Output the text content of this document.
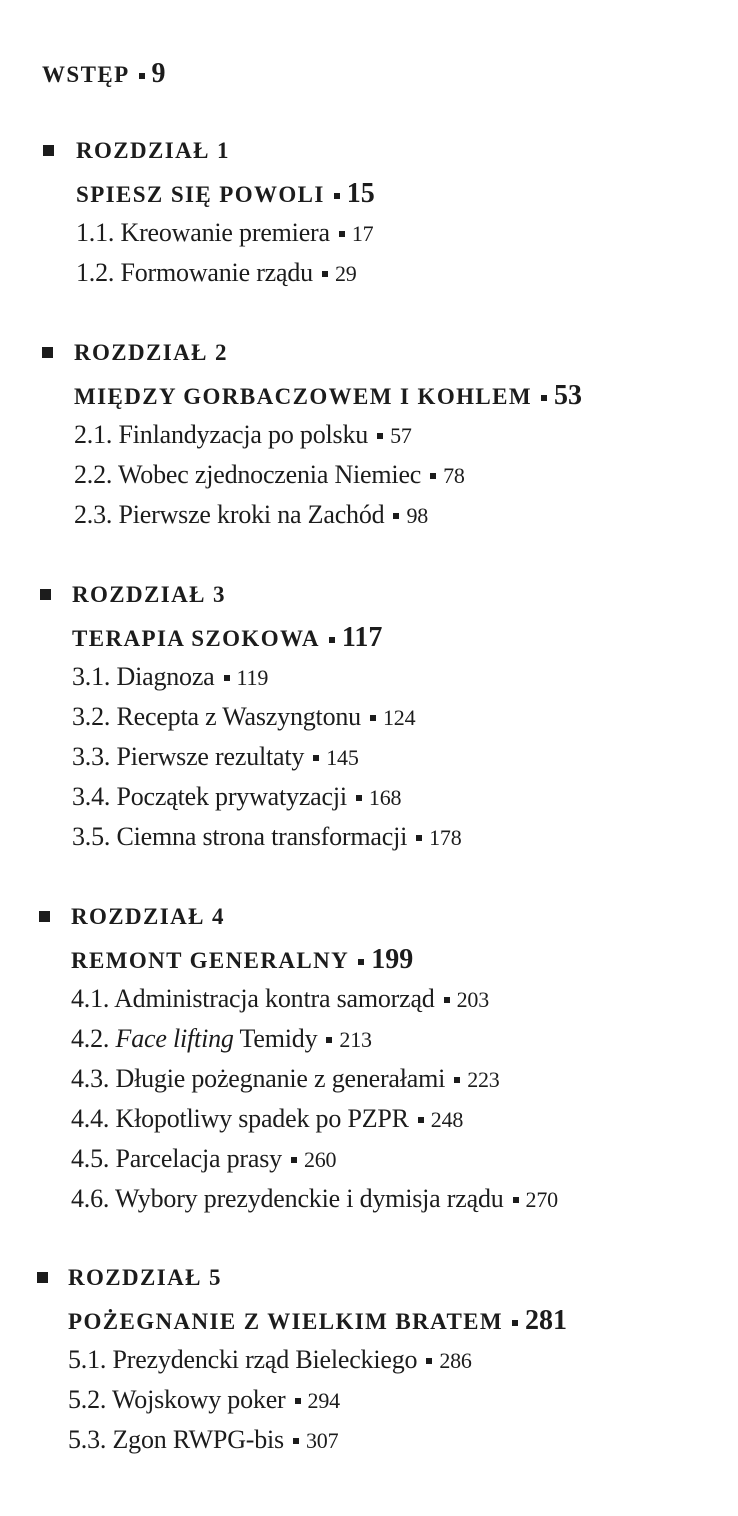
WSTĘP 9
ROZDZIAŁ 1
SPIESZ SIĘ POWOLI 15
1.1. Kreowanie premiera 17
1.2. Formowanie rządu 29
ROZDZIAŁ 2
MIĘDZY GORBACZOWEM I KOHLEM 53
2.1. Finlandyzacja po polsku 57
2.2. Wobec zjednoczenia Niemiec 78
2.3. Pierwsze kroki na Zachód 98
ROZDZIAŁ 3
TERAPIA SZOKOWA 117
3.1. Diagnoza 119
3.2. Recepta z Waszyngtonu 124
3.3. Pierwsze rezultaty 145
3.4. Początek prywatyzacji 168
3.5. Ciemna strona transformacji 178
ROZDZIAŁ 4
REMONT GENERALNY 199
4.1. Administracja kontra samorząd 203
4.2. Face lifting Temidy 213
4.3. Długie pożegnanie z generałami 223
4.4. Kłopotliwy spadek po PZPR 248
4.5. Parcelacja prasy 260
4.6. Wybory prezydenckie i dymisja rządu 270
ROZDZIAŁ 5
POŻEGNANIE Z WIELKIM BRATEM 281
5.1. Prezydencki rząd Bieleckiego 286
5.2. Wojskowy poker 294
5.3. Zgon RWPG-bis 307
